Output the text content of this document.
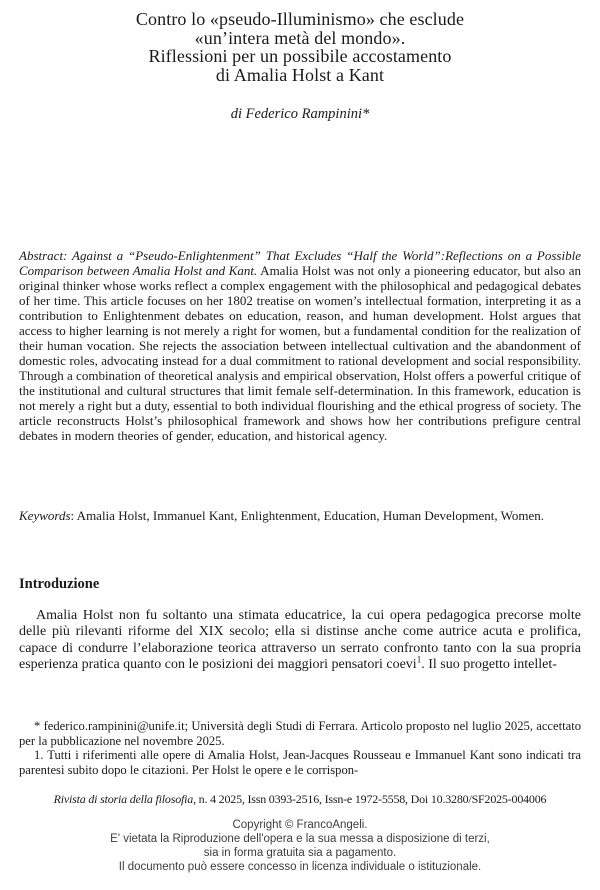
Contro lo «pseudo-Illuminismo» che esclude
«un’intera metà del mondo».
Riflessioni per un possibile accostamento
di Amalia Holst a Kant
di Federico Rampinini*

Abstract: Against a “Pseudo-Enlightenment” That Excludes “Half the World”:Reflections on a Possible Comparison between Amalia Holst and Kant. Amalia Holst was not only a pioneering educator, but also an original thinker whose works reflect a complex engagement with the philosophical and pedagogical debates of her time. This article focuses on her 1802 treatise on women’s intellectual formation, interpreting it as a contribution to Enlightenment debates on education, reason, and human development. Holst argues that access to higher learning is not merely a right for women, but a fundamental condition for the realization of their human vocation. She rejects the association between intellectual cultivation and the abandonment of domestic roles, advocating instead for a dual commitment to rational development and social responsibility. Through a combination of theoretical analysis and empirical observation, Holst offers a powerful critique of the institutional and cultural structures that limit female self-determination. In this framework, education is not merely a right but a duty, essential to both individual flourishing and the ethical progress of society. The article reconstructs Holst’s philosophical framework and shows how her contributions prefigure central debates in modern theories of gender, education, and historical agency.

Keywords: Amalia Holst, Immanuel Kant, Enlightenment, Education, Human Development, Women.

Introduzione

Amalia Holst non fu soltanto una stimata educatrice, la cui opera pedagogica precorse molte delle più rilevanti riforme del XIX secolo; ella si distinse anche come autrice acuta e prolifica, capace di condurre l’elaborazione teorica attraverso un serrato confronto tanto con la sua propria esperienza pratica quanto con le posizioni dei maggiori pensatori coevi$^1$. Il suo progetto intellet-

* federico.rampinini@unife.it; Università degli Studi di Ferrara. Articolo proposto nel luglio 2025, accettato per la pubblicazione nel novembre 2025.

1. Tutti i riferimenti alle opere di Amalia Holst, Jean-Jacques Rousseau e Immanuel Kant sono indicati tra parentesi subito dopo le citazioni. Per Holst le opere e le corrispon-

Rivista di storia della filosofia, n. 4 2025, Issn 0393-2516, Issn-e 1972-5558, Doi 10.3280/SF2025-004006
Copyright © FrancoAngeli.
E' vietata la Riproduzione dell'opera e la sua messa a disposizione di terzi,
sia in forma gratuita sia a pagamento.
Il documento può essere concesso in licenza individuale o istituzionale.
